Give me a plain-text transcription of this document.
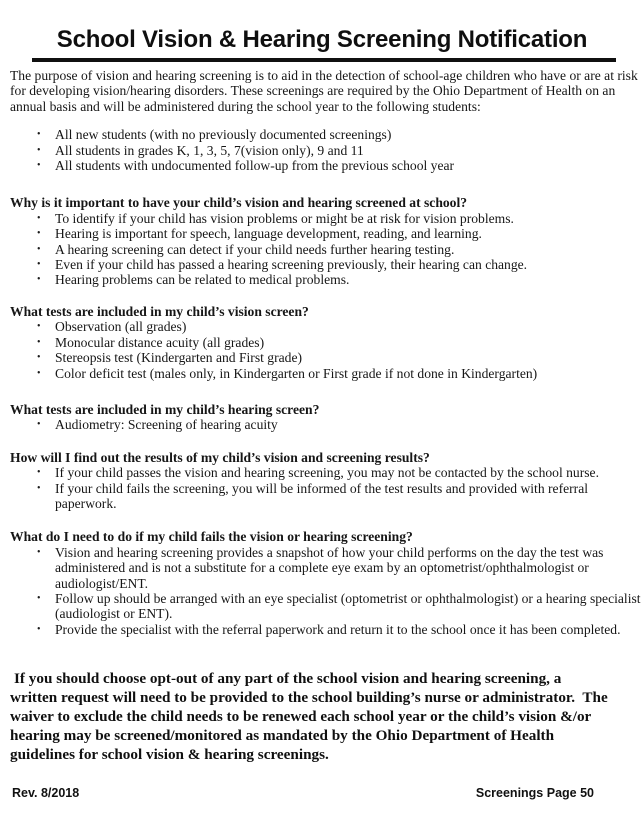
School Vision & Hearing Screening Notification
The purpose of vision and hearing screening is to aid in the detection of school-age children who have or are at risk
for developing vision/hearing disorders. These screenings are required by the Ohio Department of Health on an
annual basis and will be administered during the school year to the following students:
•	All new students (with no previously documented screenings)
•	All students in grades K, 1, 3, 5, 7(vision only), 9 and 11
•	All students with undocumented follow-up from the previous school year
Why is it important to have your child’s vision and hearing screened at school?
•	To identify if your child has vision problems or might be at risk for vision problems.
•	Hearing is important for speech, language development, reading, and learning.
•	A hearing screening can detect if your child needs further hearing testing.
•	Even if your child has passed a hearing screening previously, their hearing can change.
•	Hearing problems can be related to medical problems.
What tests are included in my child’s vision screen?
•	Observation (all grades)
•	Monocular distance acuity (all grades)
•	Stereopsis test (Kindergarten and First grade)
•	Color deficit test (males only, in Kindergarten or First grade if not done in Kindergarten)
What tests are included in my child’s hearing screen?
•	Audiometry: Screening of hearing acuity
How will I find out the results of my child’s vision and screening results?
•	If your child passes the vision and hearing screening, you may not be contacted by the school nurse.
•	If your child fails the screening, you will be informed of the test results and provided with referral
paperwork.
What do I need to do if my child fails the vision or hearing screening?
•	Vision and hearing screening provides a snapshot of how your child performs on the day the test was
administered and is not a substitute for a complete eye exam by an optometrist/ophthalmologist or
audiologist/ENT.
•	Follow up should be arranged with an eye specialist (optometrist or ophthalmologist) or a hearing specialist
(audiologist or ENT).
•	Provide the specialist with the referral paperwork and return it to the school once it has been completed.
If you should choose opt-out of any part of the school vision and hearing screening, a
written request will need to be provided to the school building’s nurse or administrator.  The
waiver to exclude the child needs to be renewed each school year or the child’s vision &/or
hearing may be screened/monitored as mandated by the Ohio Department of Health
guidelines for school vision & hearing screenings.
Rev. 8/2018	Screenings Page 50
